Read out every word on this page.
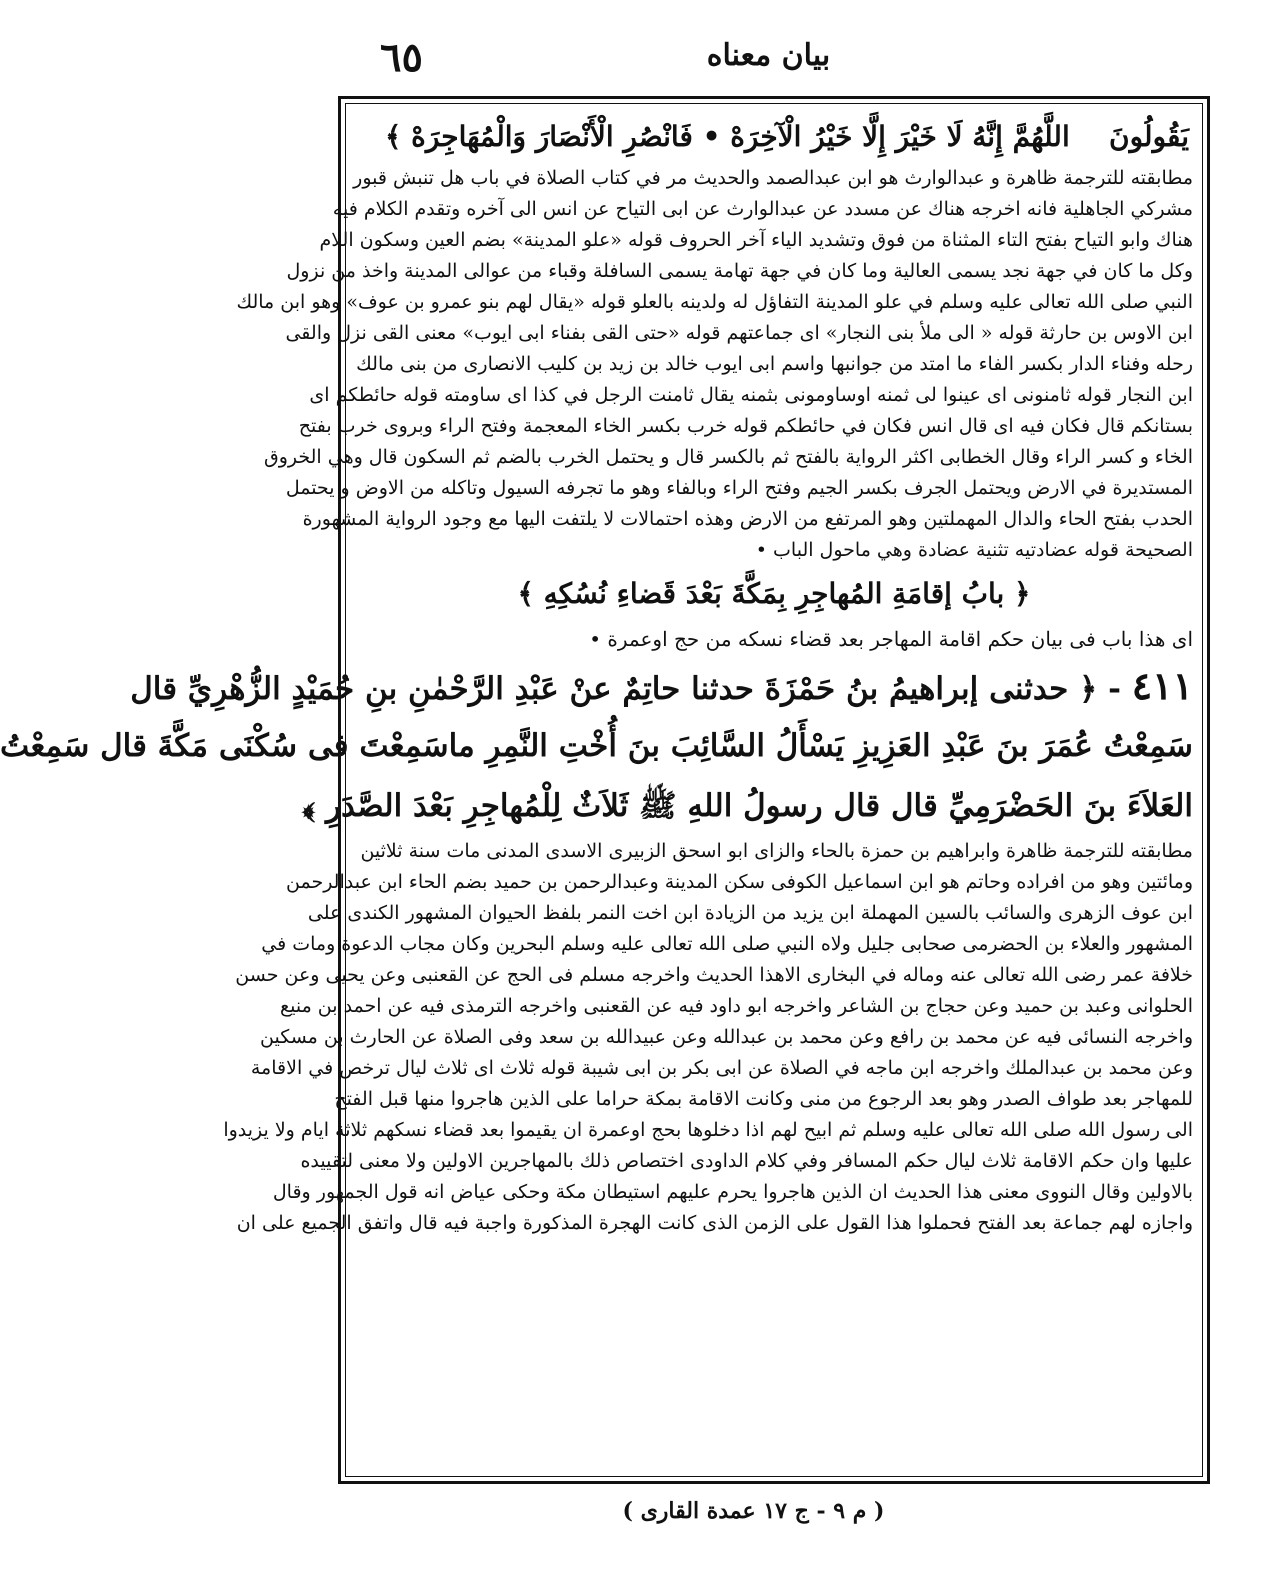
٦٥	بيان معناه
يَقُولُونَ
اللَّهُمَّ إِنَّهُ لَا خَيْرَ إِلَّا خَيْرُ الْآخِرَهْ • فَانْصُرِ الْأَنْصَارَ وَالْمُهَاجِرَهْ ﴾
مطابقته للترجمة ظاهرة و عبدالوارث هو ابن عبدالصمد والحديث مر في كتاب الصلاة في باب هل تنبش قبور
مشركي الجاهلية فانه اخرجه هناك عن مسدد عن عبدالوارث عن ابى التياح عن انس الى آخره وتقدم الكلام فيه
هناك وابو التياح بفتح التاء المثناة من فوق وتشديد الياء آخر الحروف قوله «علو المدينة» بضم العين وسكون اللام
وكل ما كان في جهة نجد يسمى العالية وما كان في جهة تهامة يسمى السافلة وقباء من عوالى المدينة واخذ من نزول
النبي صلى الله تعالى عليه وسلم في علو المدينة التفاؤل له ولدينه بالعلو قوله «يقال لهم بنو عمرو بن عوف» وهو ابن مالك
ابن الاوس بن حارثة قوله « الى ملأ بنى النجار» اى جماعتهم قوله «حتى القى بفناء ابى ايوب» معنى القى نزل والقى
رحله وفناء الدار بكسر الفاء ما امتد من جوانبها واسم ابى ايوب خالد بن زيد بن كليب الانصارى من بنى مالك
ابن النجار قوله ثامنونى اى عينوا لى ثمنه اوساومونى بثمنه يقال ثامنت الرجل في كذا اى ساومته قوله حائطكم اى
بستانكم قال فكان فيه اى قال انس فكان في حائطكم قوله خرب بكسر الخاء المعجمة وفتح الراء وبروى خرب بفتح
الخاء و كسر الراء وقال الخطابى اكثر الرواية بالفتح ثم بالكسر قال و يحتمل الخرب بالضم ثم السكون قال وهي الخروق
المستديرة في الارض ويحتمل الجرف بكسر الجيم وفتح الراء وبالفاء وهو ما تجرفه السيول وتاكله من الاوض و يحتمل
الحدب بفتح الحاء والدال المهملتين وهو المرتفع من الارض وهذه احتمالات لا يلتفت اليها مع وجود الرواية المشهورة
الصحيحة قوله عضادتيه تثنية عضادة وهي ماحول الباب •
﴿ بابُ إقامَةِ المُهاجِرِ بِمَكَّةَ بَعْدَ قَضاءِ نُسُكِهِ ﴾
اى هذا باب فى بيان حكم اقامة المهاجر بعد قضاء نسكه من حج اوعمرة •
٤١١ - ﴿ حدثنى إبراهيمُ بنُ حَمْزَةَ حدثنا حاتِمٌ عنْ عَبْدِ الرَّحْمٰنِ بنِ حُمَيْدٍ الزُّهْرِيِّ قال
سَمِعْتُ عُمَرَ بنَ عَبْدِ العَزِيزِ يَسْأَلُ السَّائِبَ بنَ أُخْتِ النَّمِرِ ماسَمِعْتَ فى سُكْنَى مَكَّةَ قال سَمِعْتُ
العَلاَءَ بنَ الحَضْرَمِيِّ قال قال رسولُ اللهِ ﷺ ثَلاَثٌ لِلْمُهاجِرِ بَعْدَ الصَّدَرِ ﴾
مطابقته للترجمة ظاهرة وابراهيم بن حمزة بالحاء والزاى ابو اسحق الزبيرى الاسدى المدنى مات سنة ثلاثين
ومائتين وهو من افراده وحاتم هو ابن اسماعيل الكوفى سكن المدينة وعبدالرحمن بن حميد بضم الحاء ابن عبدالرحمن
ابن عوف الزهرى والسائب بالسين المهملة ابن يزيد من الزيادة ابن اخت النمر بلفظ الحيوان المشهور الكندى على
المشهور والعلاء بن الحضرمى صحابى جليل ولاه النبي صلى الله تعالى عليه وسلم البحرين وكان مجاب الدعوة ومات في
خلافة عمر رضى الله تعالى عنه وماله في البخارى الاهذا الحديث واخرجه مسلم فى الحج عن القعنبى وعن يحيى وعن حسن
الحلوانى وعبد بن حميد وعن حجاج بن الشاعر واخرجه ابو داود فيه عن القعنبى واخرجه الترمذى فيه عن احمد بن منيع
واخرجه النسائى فيه عن محمد بن رافع وعن محمد بن عبدالله وعن عبيدالله بن سعد وفى الصلاة عن الحارث بن مسكين
وعن محمد بن عبدالملك واخرجه ابن ماجه في الصلاة عن ابى بكر بن ابى شيبة قوله ثلاث اى ثلاث ليال ترخص في الاقامة
للمهاجر بعد طواف الصدر وهو بعد الرجوع من منى وكانت الاقامة بمكة حراما على الذين هاجروا منها قبل الفتح
الى رسول الله صلى الله تعالى عليه وسلم ثم ابيح لهم اذا دخلوها بحج اوعمرة ان يقيموا بعد قضاء نسكهم ثلاثة ايام ولا يزيدوا
عليها وان حكم الاقامة ثلاث ليال حكم المسافر وفي كلام الداودى اختصاص ذلك بالمهاجرين الاولين ولا معنى لتقييده
بالاولين وقال النووى معنى هذا الحديث ان الذين هاجروا يحرم عليهم استيطان مكة وحكى عياض انه قول الجمهور وقال
واجازه لهم جماعة بعد الفتح فحملوا هذا القول على الزمن الذى كانت الهجرة المذكورة واجبة فيه قال واتفق الجميع على ان
( م ٩ - ج ١٧ عمدة القارى )
